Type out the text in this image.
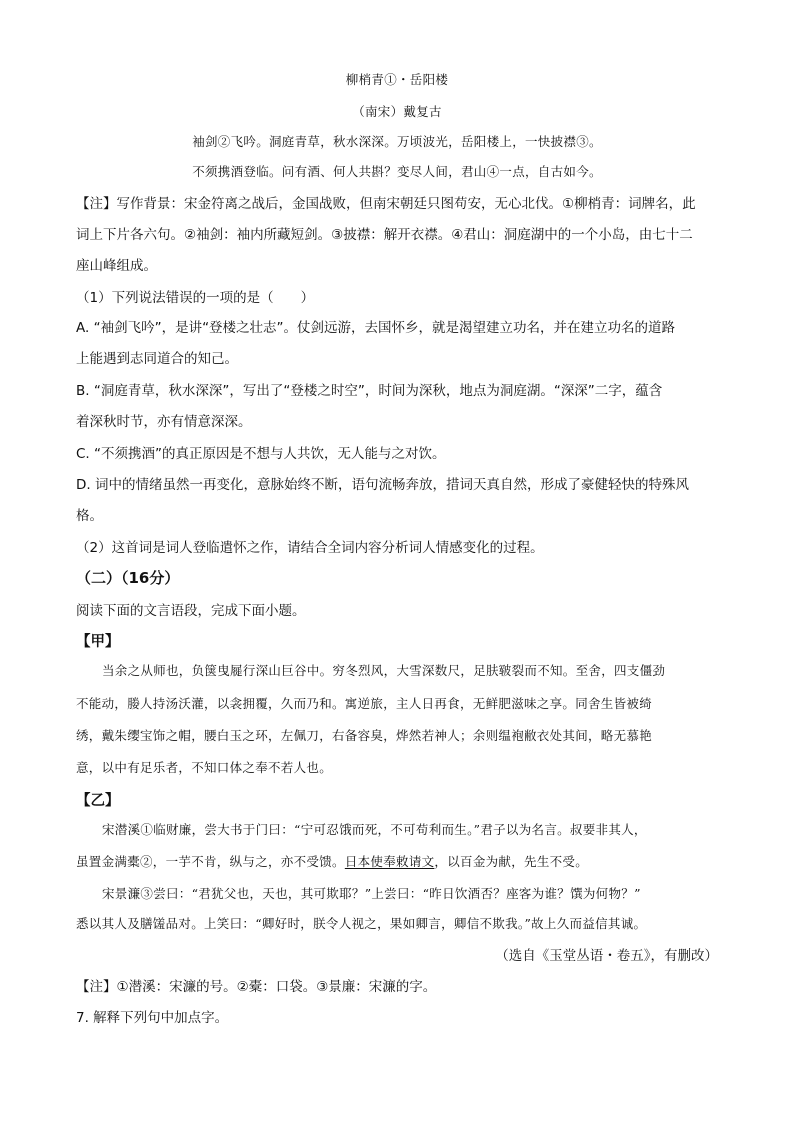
柳梢青①・岳阳楼

（南宋）戴复古

袖剑②飞吟。洞庭青草，秋水深深。万顷波光，岳阳楼上，一快披襟③。

不须携酒登临。问有酒、何人共斟？变尽人间，君山④一点，自古如今。

【注】写作背景：宋金符离之战后，金国战败，但南宋朝廷只图苟安，无心北伐。①柳梢青：词牌名，此

词上下片各六句。②袖剑：袖内所藏短剑。③披襟：解开衣襟。④君山：洞庭湖中的一个小岛，由七十二

座山峰组成。

（1）下列说法错误的一项的是（　　）

A. “袖剑飞吟”，是讲“登楼之壮志”。仗剑远游，去国怀乡，就是渴望建立功名，并在建立功名的道路

上能遇到志同道合的知己。

B. “洞庭青草，秋水深深”，写出了“登楼之时空”，时间为深秋，地点为洞庭湖。“深深”二字，蕴含

着深秋时节，亦有情意深深。

C. “不须携酒”的真正原因是不想与人共饮，无人能与之对饮。

D. 词中的情绪虽然一再变化，意脉始终不断，语句流畅奔放，措词天真自然，形成了豪健轻快的特殊风

格。

（2）这首词是词人登临遣怀之作，请结合全词内容分析词人情感变化的过程。

（二）（16分）

阅读下面的文言语段，完成下面小题。

【甲】

当余之从师也，负箧曳屣行深山巨谷中。穷冬烈风，大雪深数尺，足肤皲裂而不知。至舍，四支僵劲

不能动，媵人持汤沃灌，以衾拥覆，久而乃和。寓逆旅，主人日再食，无鲜肥滋味之享。同舍生皆被绮

绣，戴朱缨宝饰之帽，腰白玉之环，左佩刀，右备容臭，烨然若神人；余则缊袍敝衣处其间，略无慕艳

意，以中有足乐者，不知口体之奉不若人也。

【乙】

宋潜溪①临财廉，尝大书于门曰：“宁可忍饿而死，不可苟利而生。”君子以为名言。叔要非其人，

虽置金满橐②，一芋不肯，纵与之，亦不受馈。日本使奉敕请文，以百金为献，先生不受。

宋景濂③尝曰：“君犹父也，天也，其可欺耶？”上尝曰：“昨日饮酒否？座客为谁？馔为何物？”

悉以其人及膳馐品对。上笑曰：“卿好时，朕令人视之，果如卿言，卿信不欺我。”故上久而益信其诚。

（选自《玉堂丛语・卷五》，有删改）

【注】①潜溪：宋濂的号。②橐：口袋。③景廉：宋濂的字。

7. 解释下列句中加点字。
